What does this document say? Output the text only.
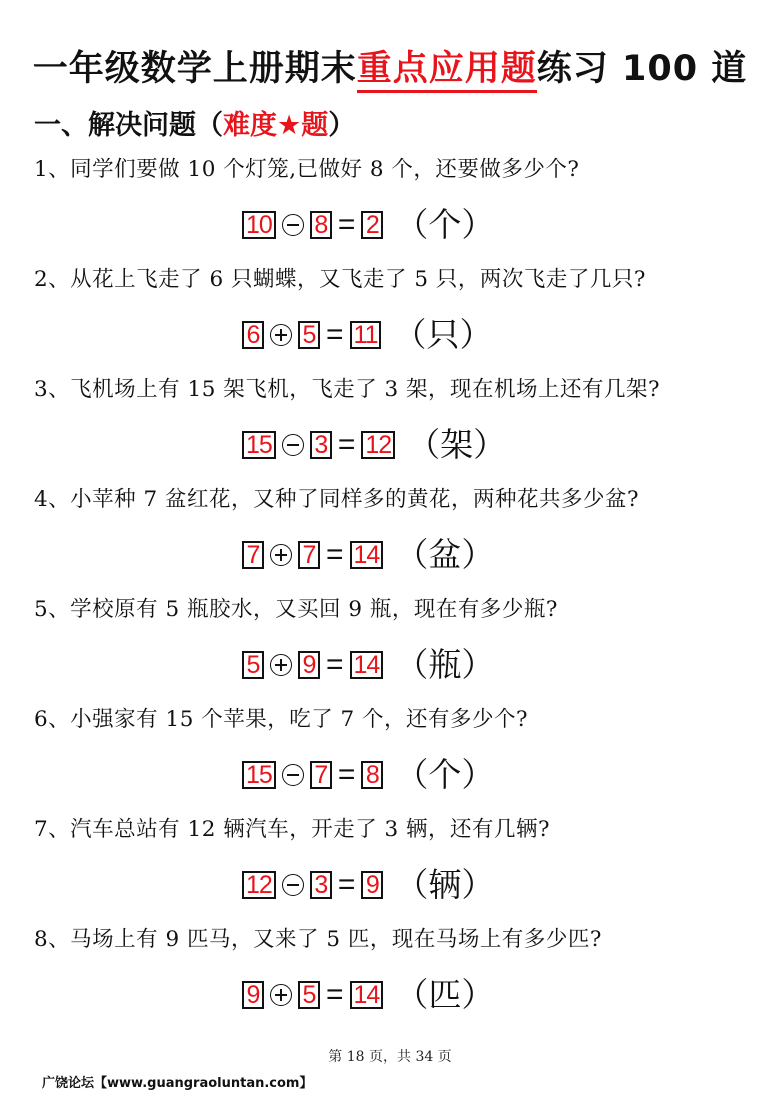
一年级数学上册期末重点应用题练习 100 道
一、解决问题（难度★题）
1、同学们要做 10 个灯笼,已做好 8 个，还要做多少个?
10 8 = 2 （个）
2、从花上飞走了 6 只蝴蝶，又飞走了 5 只，两次飞走了几只?
6 5 = 11 （只）
3、飞机场上有 15 架飞机，飞走了 3 架，现在机场上还有几架?
15 3 = 12 （架）
4、小苹种 7 盆红花，又种了同样多的黄花，两种花共多少盆?
7 7 = 14 （盆）
5、学校原有 5 瓶胶水，又买回 9 瓶，现在有多少瓶?
5 9 = 14 （瓶）
6、小强家有 15 个苹果，吃了 7 个，还有多少个?
15 7 = 8 （个）
7、汽车总站有 12 辆汽车，开走了 3 辆，还有几辆?
12 3 = 9 （辆）
8、马场上有 9 匹马，又来了 5 匹，现在马场上有多少匹?
9 5 = 14 （匹）
第 18 页，共 34 页
广饶论坛【www.guangraoluntan.com】
